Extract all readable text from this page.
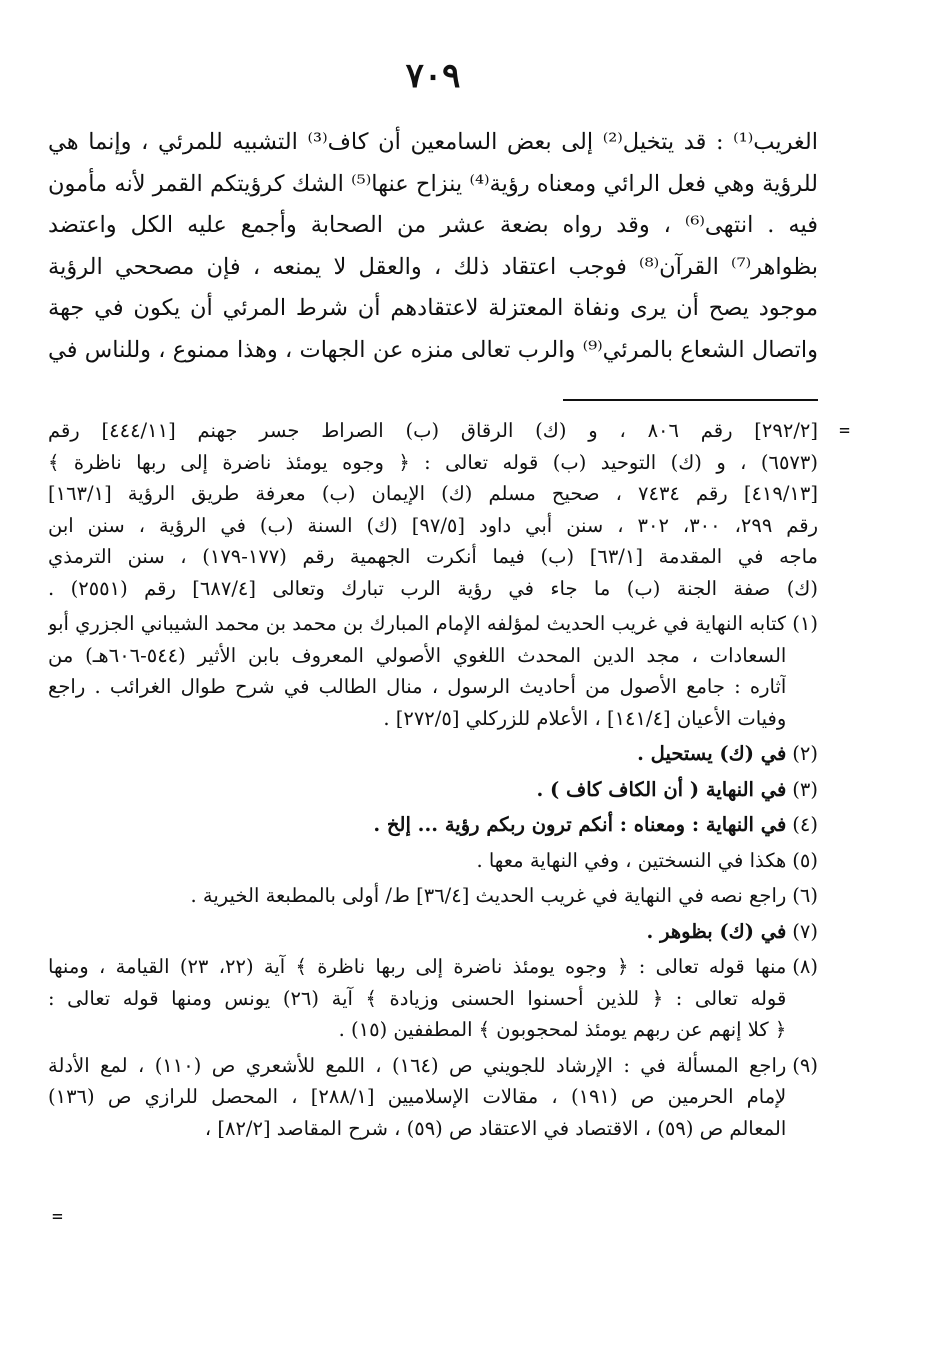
٧٠٩
الغريب⁽¹⁾ : قد يتخيل⁽²⁾ إلى بعض السامعين أن كاف⁽³⁾ التشبيه للمرئي ، وإنما هي
للرؤية وهي فعل الرائي ومعناه رؤية⁽⁴⁾ ينزاح عنها⁽⁵⁾ الشك كرؤيتكم القمر لأنه مأمون
فيه . انتهى⁽⁶⁾ ، وقد رواه بضعة عشر من الصحابة وأجمع عليه الكل واعتضد
بظواهر⁽⁷⁾ القرآن⁽⁸⁾ فوجب اعتقاد ذلك ، والعقل لا يمنعه ، فإن مصححي الرؤية
موجود يصح أن يرى ونفاة المعتزلة لاعتقادهم أن شرط المرئي أن يكون في جهة
واتصال الشعاع بالمرئي⁽⁹⁾ والرب تعالى منزه عن الجهات ، وهذا ممنوع ، وللناس في
=
[٢٩٢/٢] رقم ٨٠٦ ، و (ك) الرقاق (ب) الصراط جسر جهنم [٤٤٤/١١] رقم
(٦٥٧٣) ، و (ك) التوحيد (ب) قوله تعالى : ﴿ وجوه يومئذ ناضرة إلى ربها ناظرة ﴾
[٤١٩/١٣] رقم ٧٤٣٤ ، صحيح مسلم (ك) الإيمان (ب) معرفة طريق الرؤية [١٦٣/١]
رقم ٢٩٩، ٣٠٠، ٣٠٢ ، سنن أبي داود [٩٧/٥] (ك) السنة (ب) في الرؤية ، سنن ابن
ماجه في المقدمة [٦٣/١] (ب) فيما أنكرت الجهمية رقم (١٧٧-١٧٩) ، سنن الترمذي
(ك) صفة الجنة (ب) ما جاء في رؤية الرب تبارك وتعالى [٦٨٧/٤] رقم (٢٥٥١) .
(١)
كتابه النهاية في غريب الحديث لمؤلفه الإمام المبارك بن محمد بن محمد الشيباني الجزري أبو
السعادات ، مجد الدين المحدث اللغوي الأصولي المعروف بابن الأثير (٥٤٤-٦٠٦هـ) من
آثاره : جامع الأصول من أحاديث الرسول ، منال الطالب في شرح طوال الغرائب . راجع
وفيات الأعيان [١٤١/٤] ، الأعلام للزركلي [٢٧٢/٥] .
(٢)
في (ك) يستحيل .
(٣)
في النهاية ( أن الكاف كاف ) .
(٤)
في النهاية : ومعناه : أنكم ترون ربكم رؤية ... إلخ .
(٥)
هكذا في النسختين ، وفي النهاية معها .
(٦)
راجع نصه في النهاية في غريب الحديث [٣٦/٤] ط/ أولى بالمطبعة الخيرية .
(٧)
في (ك) بظوهر .
(٨)
منها قوله تعالى : ﴿ وجوه يومئذ ناضرة إلى ربها ناظرة ﴾ آية (٢٢، ٢٣) القيامة ، ومنها
قوله تعالى : ﴿ للذين أحسنوا الحسنى وزيادة ﴾ آية (٢٦) يونس ومنها قوله تعالى :
﴿ كلا إنهم عن ربهم يومئذ لمحجوبون ﴾ المطففين (١٥) .
(٩)
راجع المسألة في : الإرشاد للجويني ص (١٦٤) ، اللمع للأشعري ص (١١٠) ، لمع الأدلة
لإمام الحرمين ص (١٩١) ، مقالات الإسلاميين [٢٨٨/١] ، المحصل للرازي ص (١٣٦)
المعالم ص (٥٩) ، الاقتصاد في الاعتقاد ص (٥٩) ، شرح المقاصد [٨٢/٢] ،
=
